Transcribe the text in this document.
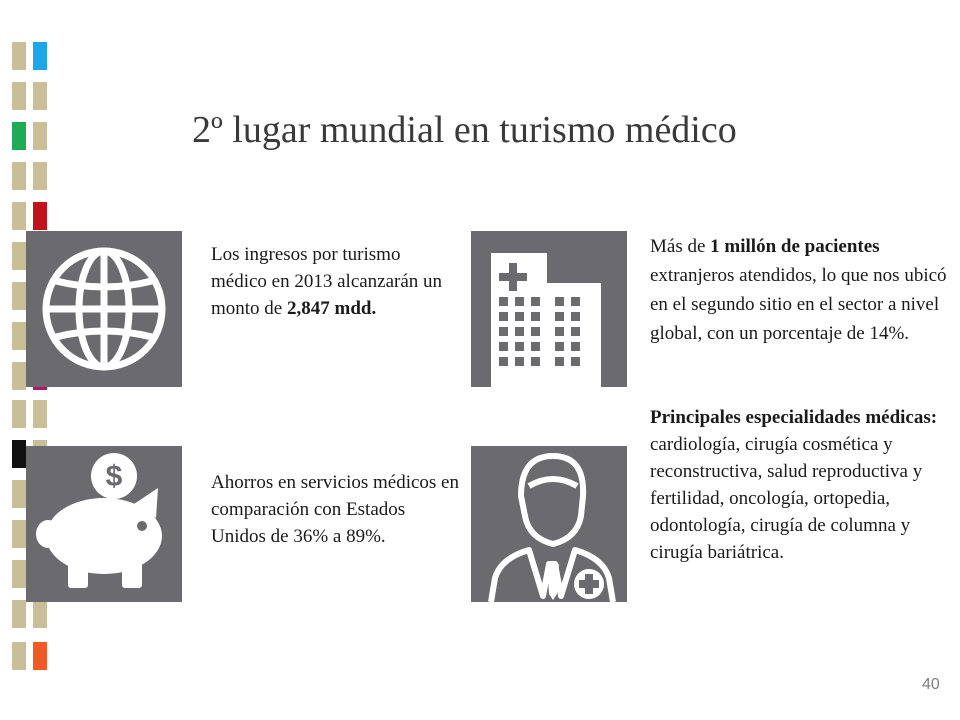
2º lugar mundial en turismo médico
Los ingresos por turismo médico en 2013 alcanzarán un monto de 2,847 mdd.
Más de 1 millón de pacientes extranjeros atendidos, lo que nos ubicó en el segundo sitio en el sector a nivel global, con un porcentaje de 14%.
$	Ahorros en servicios médicos en comparación con Estados Unidos de 36% a 89%.

Principales especialidades médicas:

cardiología, cirugía cosmética y reconstructiva, salud reproductiva y fertilidad, oncología, ortopedia, odontología, cirugía de columna y

cirugía bariátrica.

40
